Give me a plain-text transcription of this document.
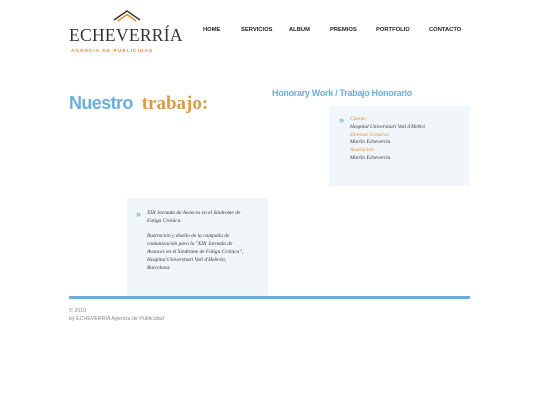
ECHEVERRÍA
AGENCIA DE PUBLICIDAD
HOME	SERVICIOS	ALBUM	PREMIOS	PORTFOLIO	CONTACTO
Nuestro trabajo:	Honorary Work / Trabajo Honorario
» Cliente:
Hospital Universitari Vall d'Hebró
Director Creativo:
Martín Echeverría
Ilustración:
Martín Echeverría
» XIII Jornada de Avances en el Síndrome de Fatiga Crónica.

Ilustración y diseño de la campaña de comunicación para la "XIII Jornada de Avances en el Síndrome de Fatiga Crónica", Hospital Universitari Vall d'Hebrón, Barcelona.

© 2010
by ECHEVERRÍA Agencia de Publicidad
